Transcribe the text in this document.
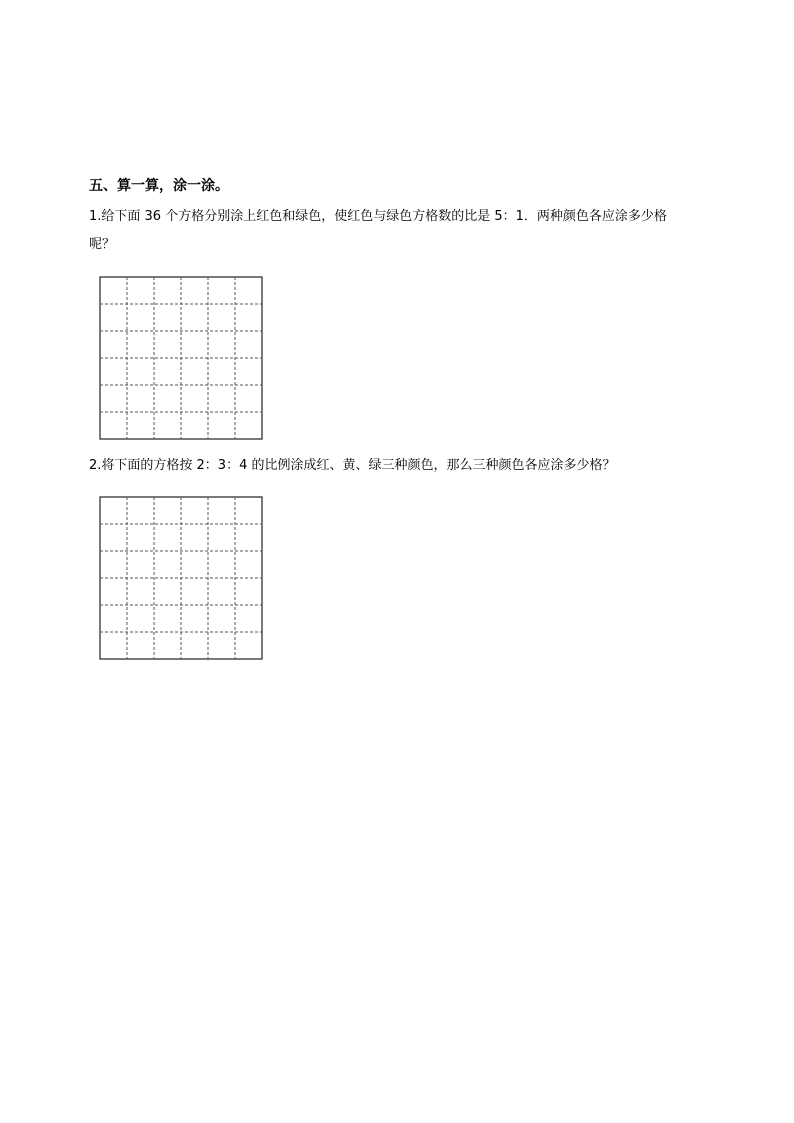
五、算一算，涂一涂。
1.给下面 36 个方格分别涂上红色和绿色，使红色与绿色方格数的比是 5：1．两种颜色各应涂多少格
呢？
2.将下面的方格按 2：3：4 的比例涂成红、黄、绿三种颜色，那么三种颜色各应涂多少格？
